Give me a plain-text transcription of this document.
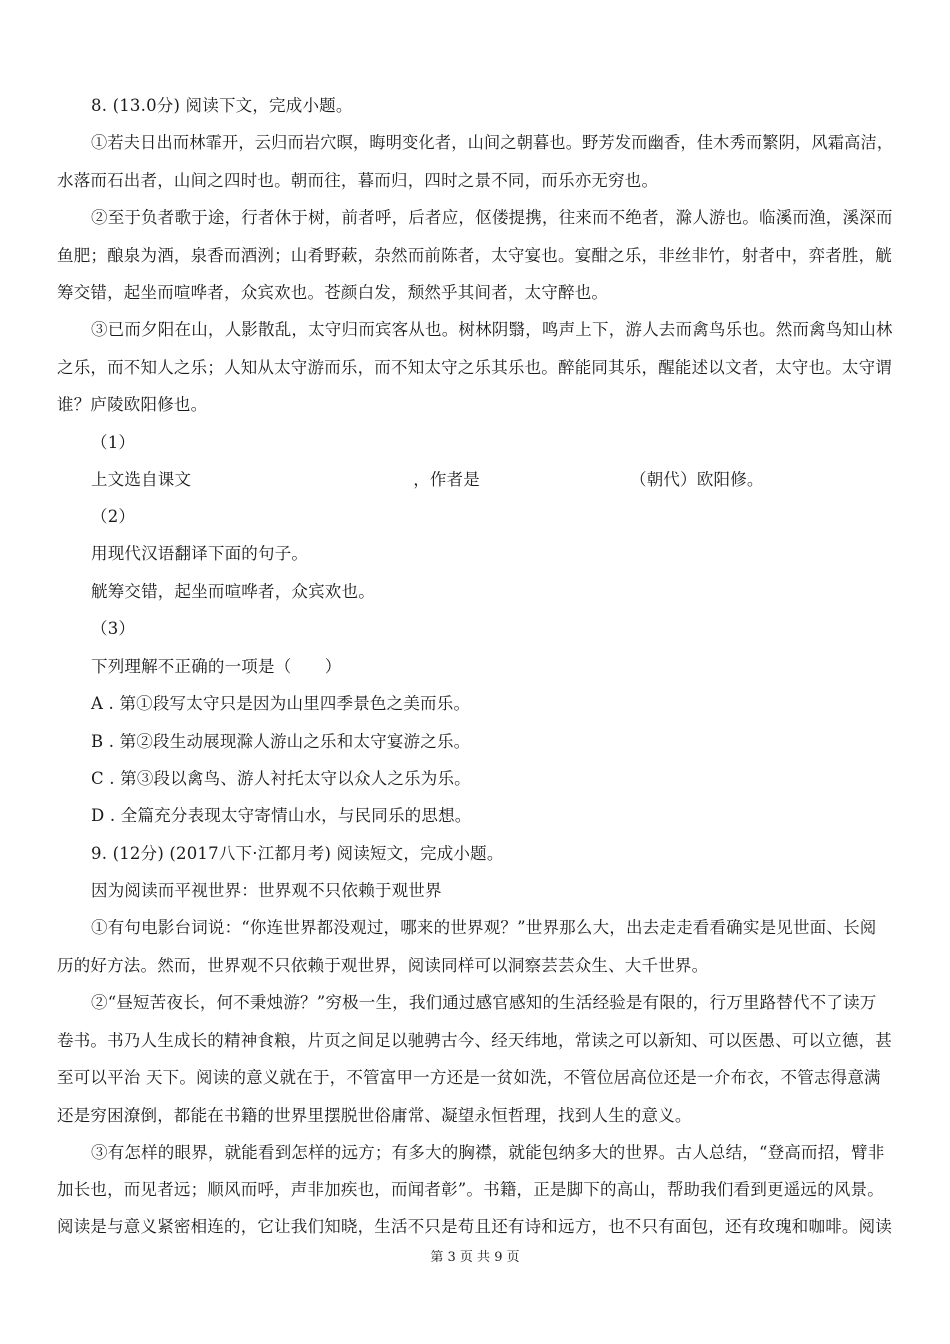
8. (13.0分) 阅读下文，完成小题。
①若夫日出而林霏开，云归而岩穴暝，晦明变化者，山间之朝暮也。野芳发而幽香，佳木秀而繁阴，风霜高洁，
水落而石出者，山间之四时也。朝而往，暮而归，四时之景不同，而乐亦无穷也。
②至于负者歌于途，行者休于树，前者呼，后者应，伛偻提携，往来而不绝者，滁人游也。临溪而渔，溪深而
鱼肥；酿泉为酒，泉香而酒洌；山肴野蔌，杂然而前陈者，太守宴也。宴酣之乐，非丝非竹，射者中，弈者胜，觥
筹交错，起坐而喧哗者，众宾欢也。苍颜白发，颓然乎其间者，太守醉也。
③已而夕阳在山，人影散乱，太守归而宾客从也。树林阴翳，鸣声上下，游人去而禽鸟乐也。然而禽鸟知山林
之乐，而不知人之乐；人知从太守游而乐，而不知太守之乐其乐也。醉能同其乐，醒能述以文者，太守也。太守谓
谁？庐陵欧阳修也。
（1）
上文选自课文	，作者是	（朝代）欧阳修。
（2）
用现代汉语翻译下面的句子。
觥筹交错，起坐而喧哗者，众宾欢也。
（3）
下列理解不正确的一项是（　　）
A . 第①段写太守只是因为山里四季景色之美而乐。
B . 第②段生动展现滁人游山之乐和太守宴游之乐。
C . 第③段以禽鸟、游人衬托太守以众人之乐为乐。
D . 全篇充分表现太守寄情山水，与民同乐的思想。
9. (12分) (2017八下·江都月考) 阅读短文，完成小题。
因为阅读而平视世界：世界观不只依赖于观世界
①有句电影台词说：“你连世界都没观过，哪来的世界观？”世界那么大，出去走走看看确实是见世面、长阅
历的好方法。然而，世界观不只依赖于观世界，阅读同样可以洞察芸芸众生、大千世界。
②“昼短苦夜长，何不秉烛游？”穷极一生，我们通过感官感知的生活经验是有限的，行万里路替代不了读万
卷书。书乃人生成长的精神食粮，片页之间足以驰骋古今、经天纬地，常读之可以新知、可以医愚、可以立德，甚
至可以平治 天下。阅读的意义就在于，不管富甲一方还是一贫如洗，不管位居高位还是一介布衣，不管志得意满
还是穷困潦倒，都能在书籍的世界里摆脱世俗庸常、凝望永恒哲理，找到人生的意义。
③有怎样的眼界，就能看到怎样的远方；有多大的胸襟，就能包纳多大的世界。古人总结，“登高而招，臂非
加长也，而见者远；顺风而呼，声非加疾也，而闻者彰”。书籍，正是脚下的高山，帮助我们看到更遥远的风景。
阅读是与意义紧密相连的，它让我们知晓，生活不只是苟且还有诗和远方，也不只有面包，还有玫瑰和咖啡。阅读
第 3 页 共 9 页
